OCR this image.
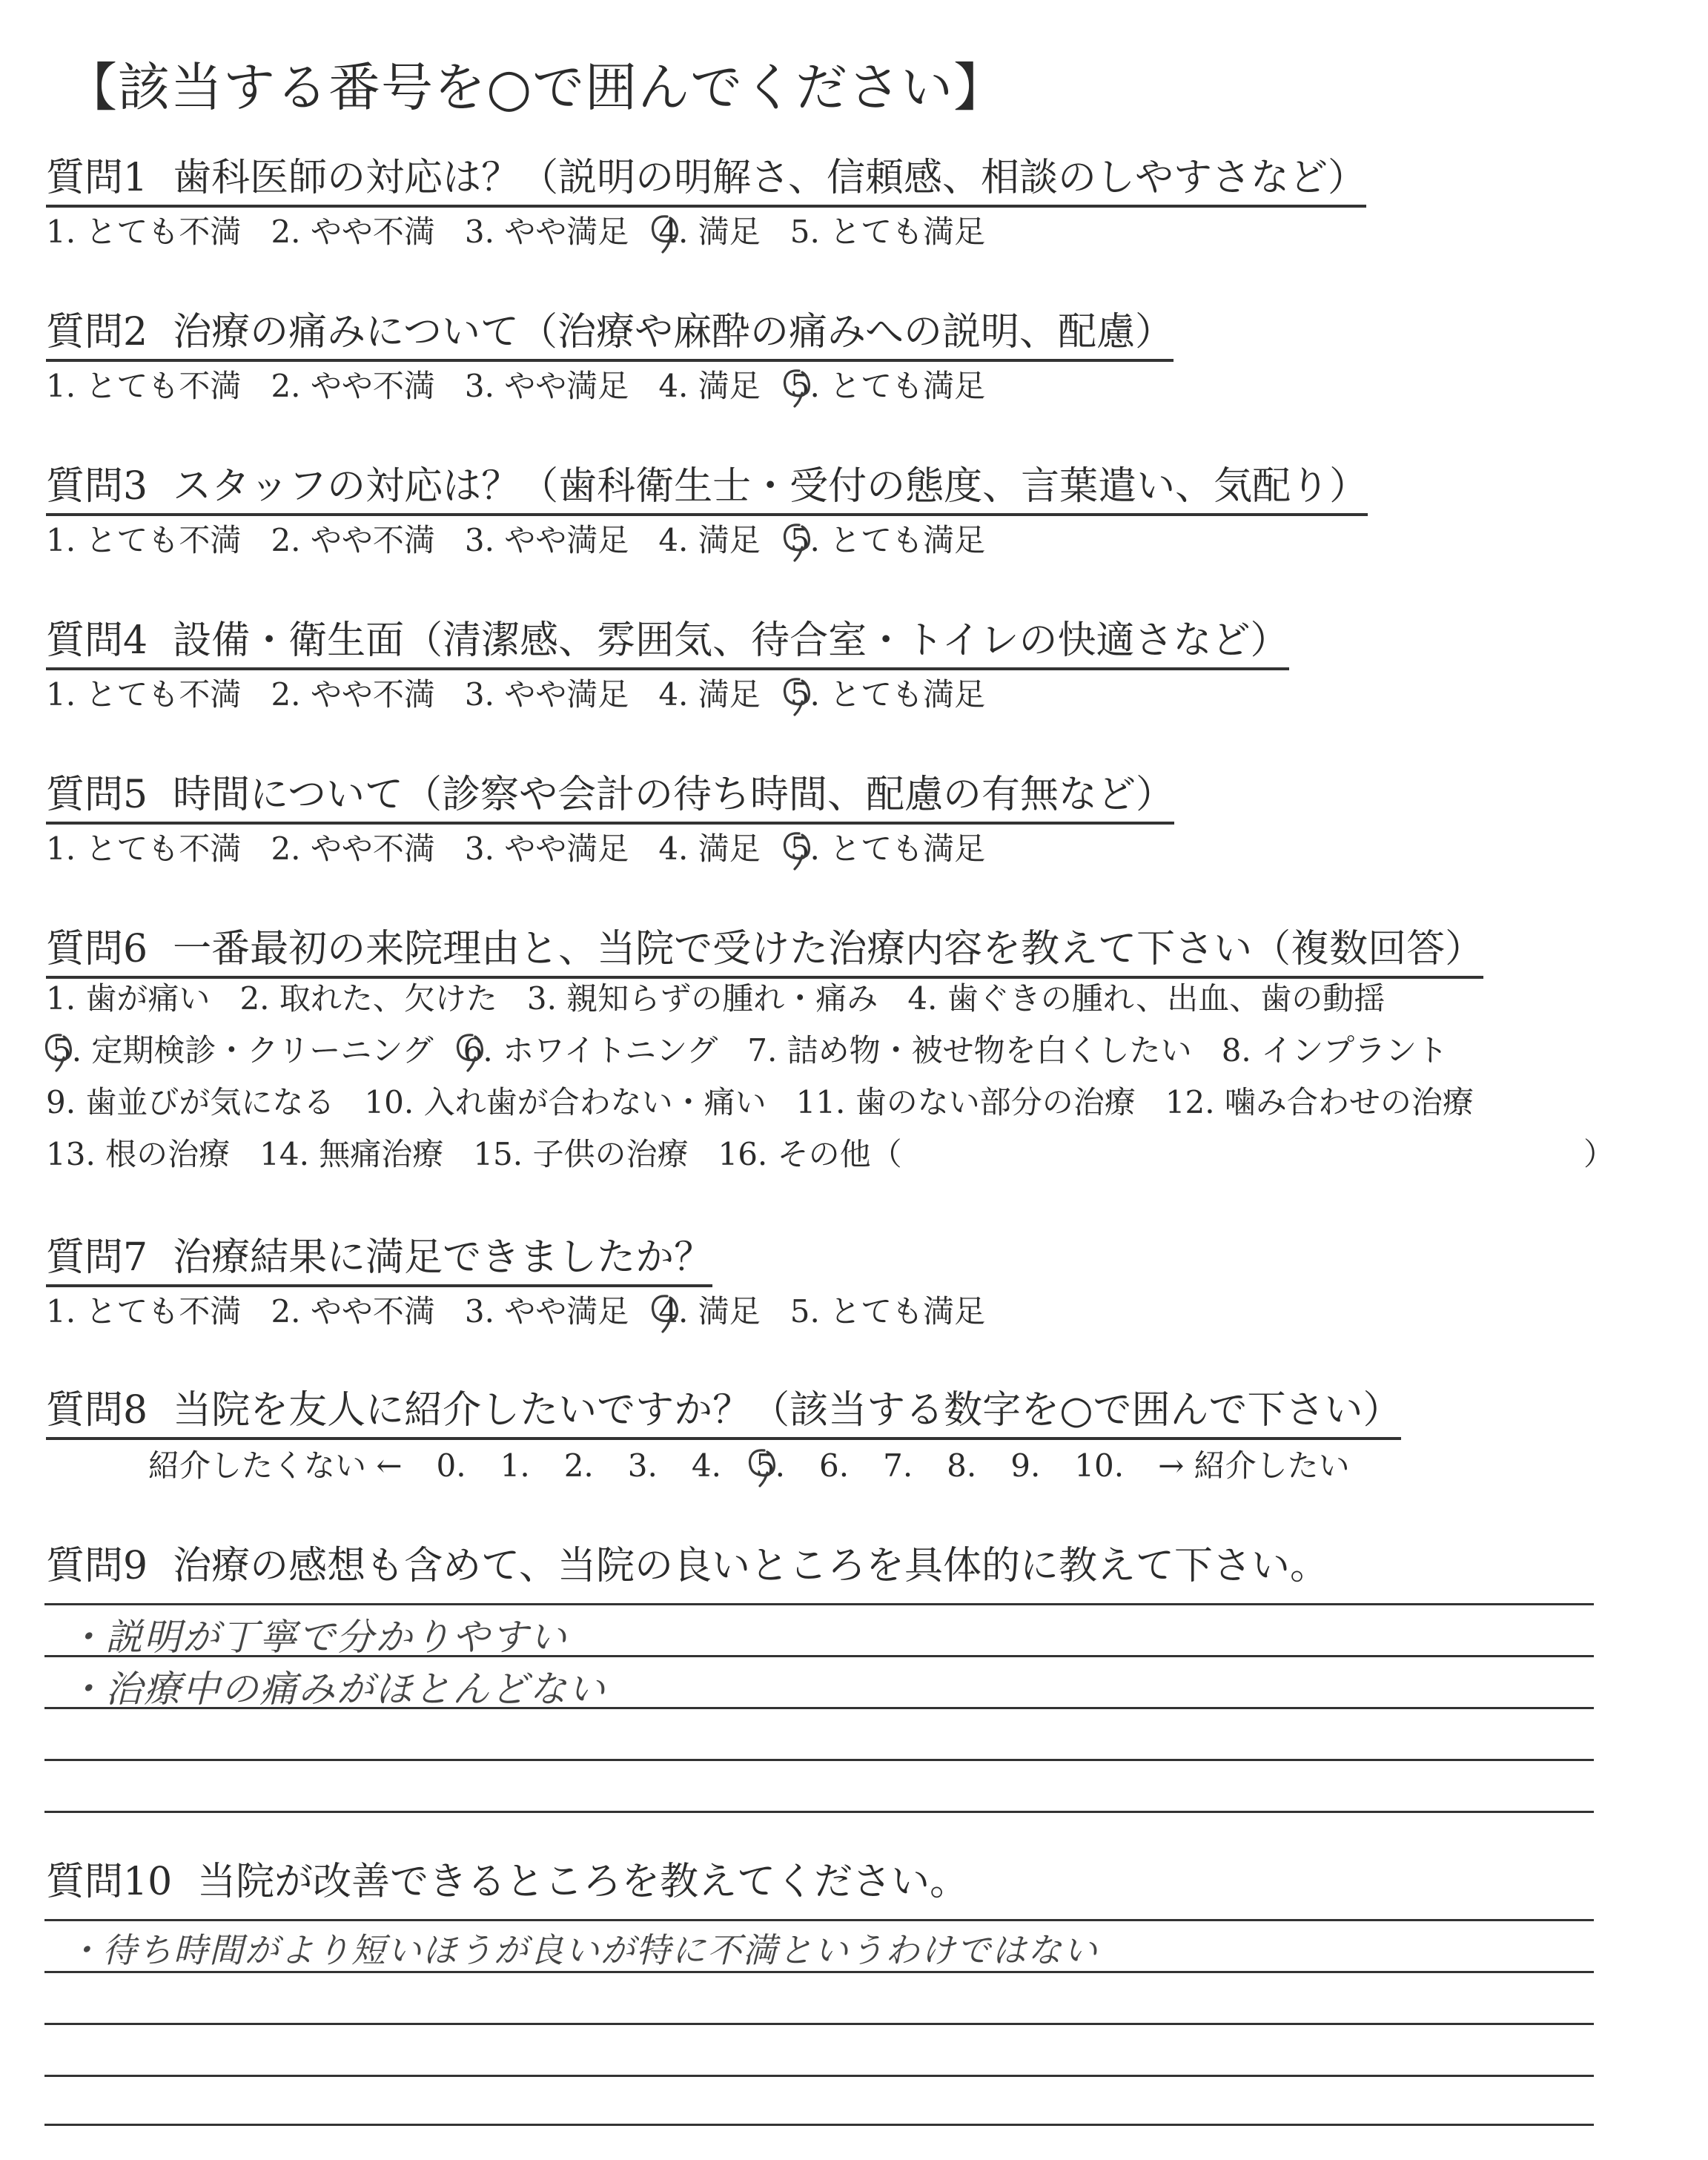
【該当する番号を○で囲んでください】
質問1 歯科医師の対応は？（説明の明解さ、信頼感、相談のしやすさなど）
1. とても不満 2. やや不満 3. やや満足 4. 満足 5. とても満足
質問2 治療の痛みについて（治療や麻酔の痛みへの説明、配慮）
1. とても不満 2. やや不満 3. やや満足 4. 満足 5. とても満足
質問3 スタッフの対応は？（歯科衛生士・受付の態度、言葉遣い、気配り）
1. とても不満 2. やや不満 3. やや満足 4. 満足 5. とても満足
質問4 設備・衛生面（清潔感、雰囲気、待合室・トイレの快適さなど）
1. とても不満 2. やや不満 3. やや満足 4. 満足 5. とても満足
質問5 時間について（診察や会計の待ち時間、配慮の有無など）
1. とても不満 2. やや不満 3. やや満足 4. 満足 5. とても満足
質問6 一番最初の来院理由と、当院で受けた治療内容を教えて下さい（複数回答）
1. 歯が痛い 2. 取れた、欠けた 3. 親知らずの腫れ・痛み 4. 歯ぐきの腫れ、出血、歯の動揺
5. 定期検診・クリーニング 6. ホワイトニング 7. 詰め物・被せ物を白くしたい 8. インプラント
9. 歯並びが気になる 10. 入れ歯が合わない・痛い 11. 歯のない部分の治療 12. 噛み合わせの治療
13. 根の治療 14. 無痛治療 15. 子供の治療 16. その他（	）
質問7 治療結果に満足できましたか？
1. とても不満 2. やや不満 3. やや満足 4. 満足 5. とても満足
質問8 当院を友人に紹介したいですか？（該当する数字を○で囲んで下さい）
紹介したくない ← 0. 1. 2. 3. 4. 5. 6. 7. 8. 9. 10. → 紹介したい
質問9 治療の感想も含めて、当院の良いところを具体的に教えて下さい。
・説明が丁寧で分かりやすい
・治療中の痛みがほとんどない
質問10 当院が改善できるところを教えてください。
・待ち時間がより短いほうが良いが特に不満というわけではない
